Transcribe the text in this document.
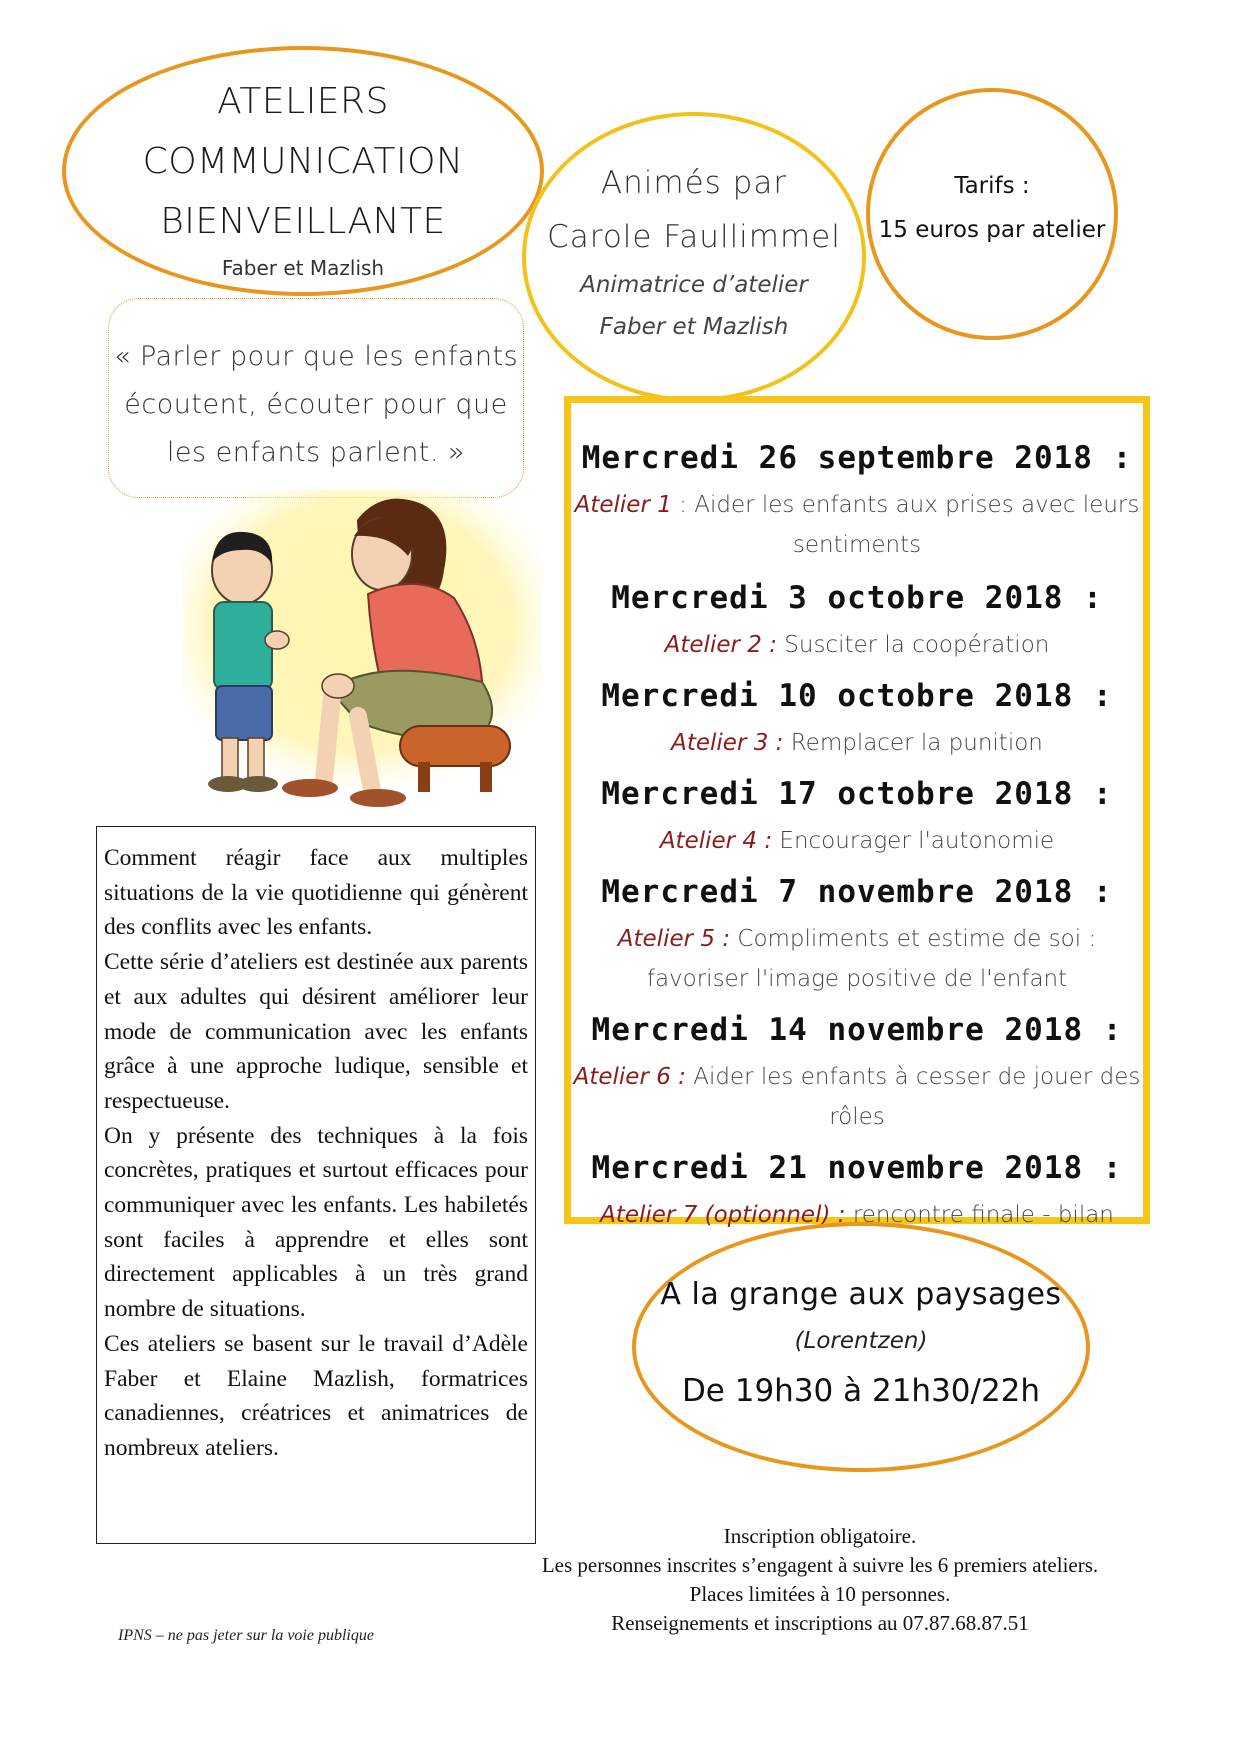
ATELIERS
COMMUNICATION
BIENVEILLANTE
Faber et Mazlish
Animés par
Carole Faullimmel
Animatrice d’atelier
Faber et Mazlish
Tarifs :
15 euros par atelier
« Parler pour que les enfants
écoutent, écouter pour que
les enfants parlent. »

Comment réagir face aux multiples situations de la vie quotidienne qui génèrent des conflits avec les enfants.

Cette série d’ateliers est destinée aux parents et aux adultes qui désirent améliorer leur mode de communication avec les enfants grâce à une approche ludique, sensible et respectueuse.

On y présente des techniques à la fois concrètes, pratiques et surtout efficaces pour communiquer avec les enfants. Les habiletés sont faciles à apprendre et elles sont directement applicables à un très grand nombre de situations.

Ces ateliers se basent sur le travail d’Adèle Faber et Elaine Mazlish, formatrices canadiennes, créatrices et animatrices de nombreux ateliers.

Mercredi 26 septembre 2018 :
Atelier 1 : Aider les enfants aux prises avec leurs
sentiments
Mercredi 3 octobre 2018 :
Atelier 2 : Susciter la coopération
Mercredi 10 octobre 2018 :
Atelier 3 : Remplacer la punition
Mercredi 17 octobre 2018 :
Atelier 4 : Encourager l'autonomie
Mercredi 7 novembre 2018 :
Atelier 5 : Compliments et estime de soi :
favoriser l'image positive de l'enfant
Mercredi 14 novembre 2018 :
Atelier 6 : Aider les enfants à cesser de jouer des
rôles
Mercredi 21 novembre 2018 :
Atelier 7 (optionnel) : rencontre finale - bilan
A la grange aux paysages
(Lorentzen)
De 19h30 à 21h30/22h
Inscription obligatoire.
Les personnes inscrites s’engagent à suivre les 6 premiers ateliers.
Places limitées à 10 personnes.
Renseignements et inscriptions au 07.87.68.87.51
IPNS – ne pas jeter sur la voie publique
